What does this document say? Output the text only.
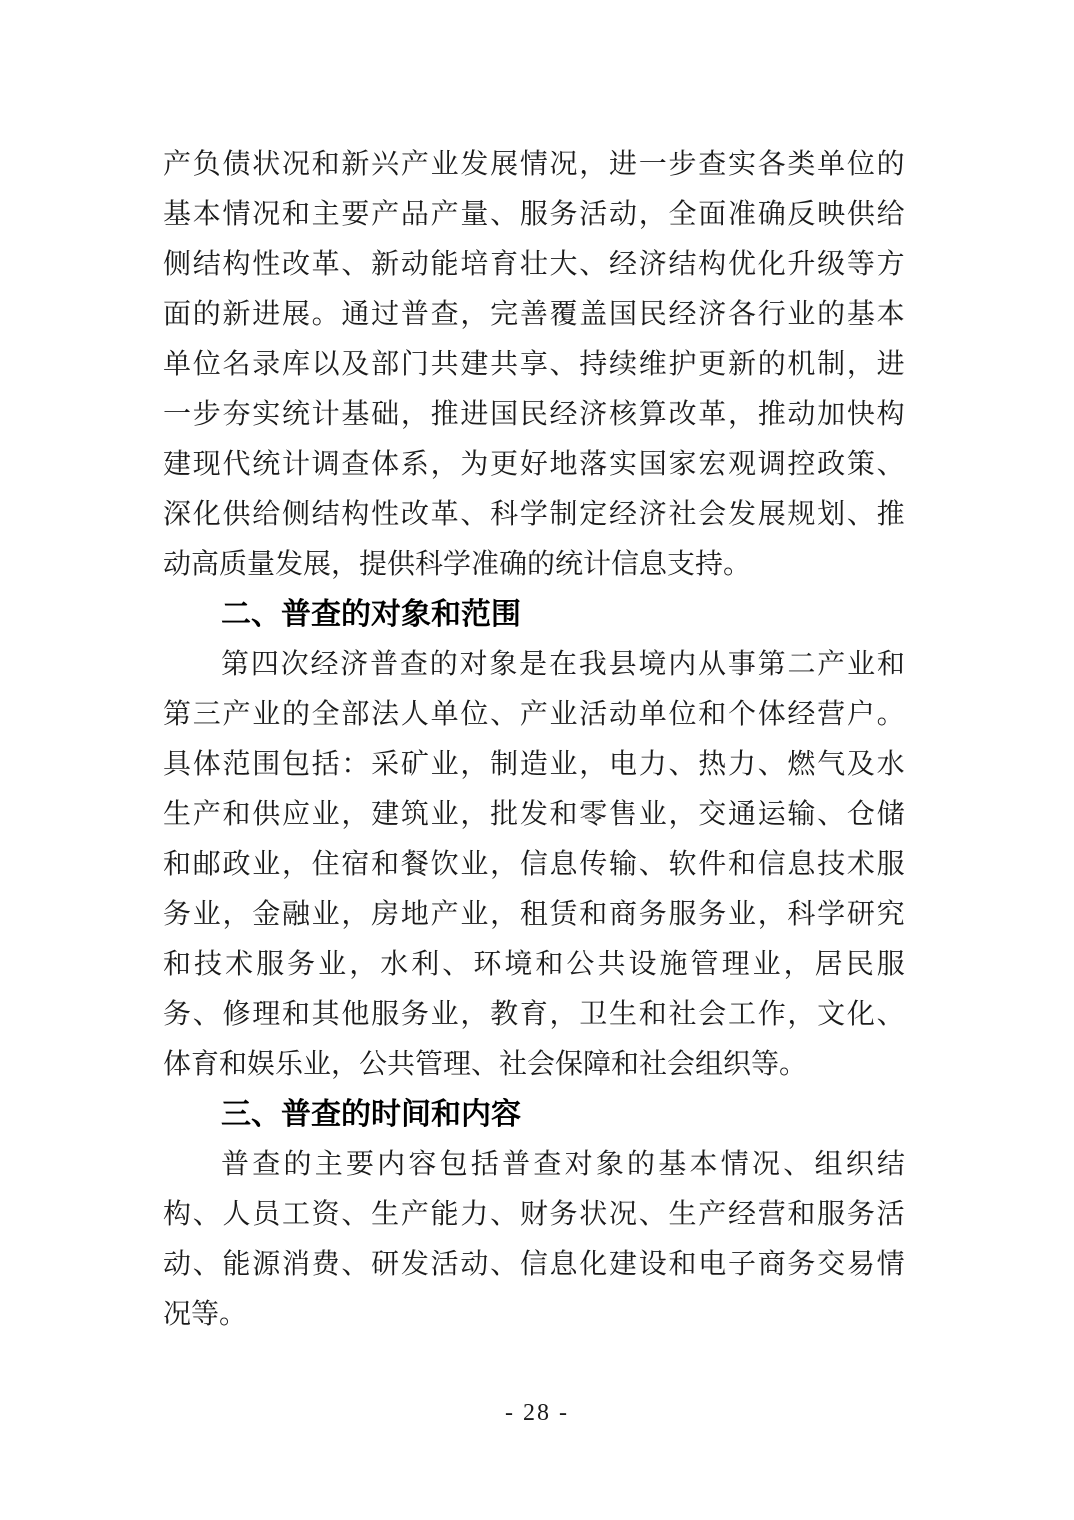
产 负 债 状 况 和 新 兴 产 业 发 展 情 况 ， 进 一 步 查 实 各 类 单 位 的
基 本 情 况 和 主 要 产 品 产 量 、 服 务 活 动 ， 全 面 准 确 反 映 供 给
侧 结 构 性 改 革 、 新 动 能 培 育 壮 大 、 经 济 结 构 优 化 升 级 等 方
面 的 新 进 展 。 通 过 普 查 ， 完 善 覆 盖 国 民 经 济 各 行 业 的 基 本
单 位 名 录 库 以 及 部 门 共 建 共 享 、 持 续 维 护 更 新 的 机 制 ， 进
一 步 夯 实 统 计 基 础 ， 推 进 国 民 经 济 核 算 改 革 ， 推 动 加 快 构
建 现 代 统 计 调 查 体 系 ， 为 更 好 地 落 实 国 家 宏 观 调 控 政 策 、
深 化 供 给 侧 结 构 性 改 革 、 科 学 制 定 经 济 社 会 发 展 规 划 、 推
动高质量发展，提供科学准确的统计信息支持。
二、普查的对象和范围
第 四 次 经 济 普 查 的 对 象 是 在 我 县 境 内 从 事 第 二 产 业 和
第 三 产 业 的 全 部 法 人 单 位 、 产 业 活 动 单 位 和 个 体 经 营 户 。
具 体 范 围 包 括 ： 采 矿 业 ， 制 造 业 ， 电 力 、 热 力 、 燃 气 及 水
生 产 和 供 应 业 ， 建 筑 业 ， 批 发 和 零 售 业 ， 交 通 运 输 、 仓 储
和 邮 政 业 ， 住 宿 和 餐 饮 业 ， 信 息 传 输 、 软 件 和 信 息 技 术 服
务 业 ， 金 融 业 ， 房 地 产 业 ， 租 赁 和 商 务 服 务 业 ， 科 学 研 究
和 技 术 服 务 业 ， 水 利 、 环 境 和 公 共 设 施 管 理 业 ， 居 民 服
务 、 修 理 和 其 他 服 务 业 ， 教 育 ， 卫 生 和 社 会 工 作 ， 文 化 、
体育和娱乐业，公共管理、社会保障和社会组织等。
三、普查的时间和内容
普 查 的 主 要 内 容 包 括 普 查 对 象 的 基 本 情 况 、 组 织 结
构 、 人 员 工 资 、 生 产 能 力 、 财 务 状 况 、 生 产 经 营 和 服 务 活
动 、 能 源 消 费 、 研 发 活 动 、 信 息 化 建 设 和 电 子 商 务 交 易 情
况等。
- 28 -
